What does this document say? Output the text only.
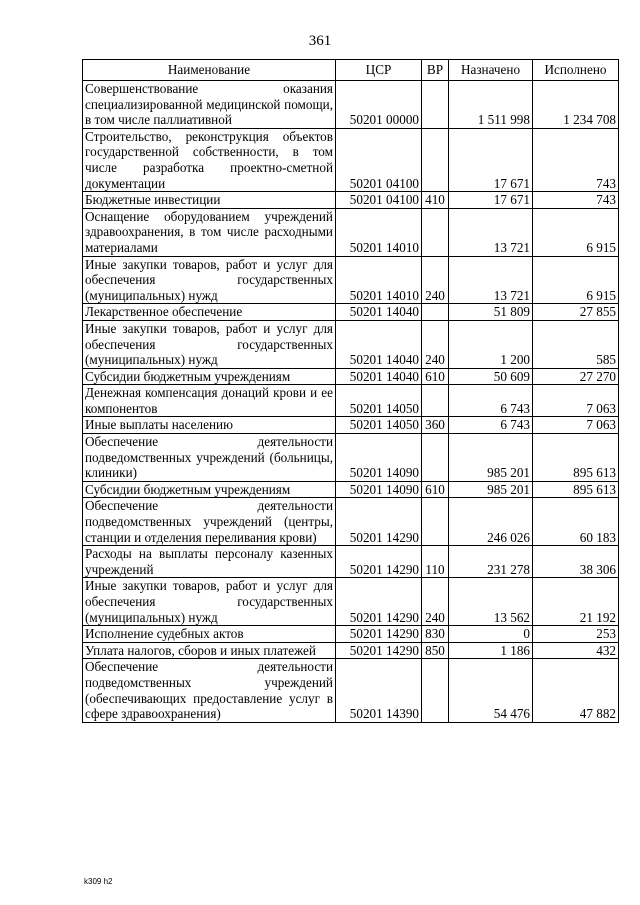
361
Наименование	ЦСР	ВР	Назначено	Исполнено
Совершенствование оказания специализированной медицинской помощи, в том числе паллиативной	50201 00000		1 511 998	1 234 708
Строительство, реконструкция объектов государственной собственности, в том числе разработка проектно-сметной документации	50201 04100		17 671	743
Бюджетные инвестиции	50201 04100	410	17 671	743
Оснащение оборудованием учреждений здравоохранения, в том числе расходными материалами	50201 14010		13 721	6 915
Иные закупки товаров, работ и услуг для обеспечения государственных (муниципальных) нужд	50201 14010	240	13 721	6 915
Лекарственное обеспечение	50201 14040		51 809	27 855
Иные закупки товаров, работ и услуг для обеспечения государственных (муниципальных) нужд	50201 14040	240	1 200	585
Субсидии бюджетным учреждениям	50201 14040	610	50 609	27 270
Денежная компенсация донаций крови и ее компонентов	50201 14050		6 743	7 063
Иные выплаты населению	50201 14050	360	6 743	7 063
Обеспечение деятельности подведомственных учреждений (больницы, клиники)	50201 14090		985 201	895 613
Субсидии бюджетным учреждениям	50201 14090	610	985 201	895 613
Обеспечение деятельности подведомственных учреждений (центры, станции и отделения переливания крови)	50201 14290		246 026	60 183
Расходы на выплаты персоналу казенных учреждений	50201 14290	110	231 278	38 306
Иные закупки товаров, работ и услуг для обеспечения государственных (муниципальных) нужд	50201 14290	240	13 562	21 192
Исполнение судебных актов	50201 14290	830	0	253
Уплата налогов, сборов и иных платежей	50201 14290	850	1 186	432
Обеспечение деятельности подведомственных учреждений (обеспечивающих предоставление услуг в сфере здравоохранения)	50201 14390		54 476	47 882
k309 h2
